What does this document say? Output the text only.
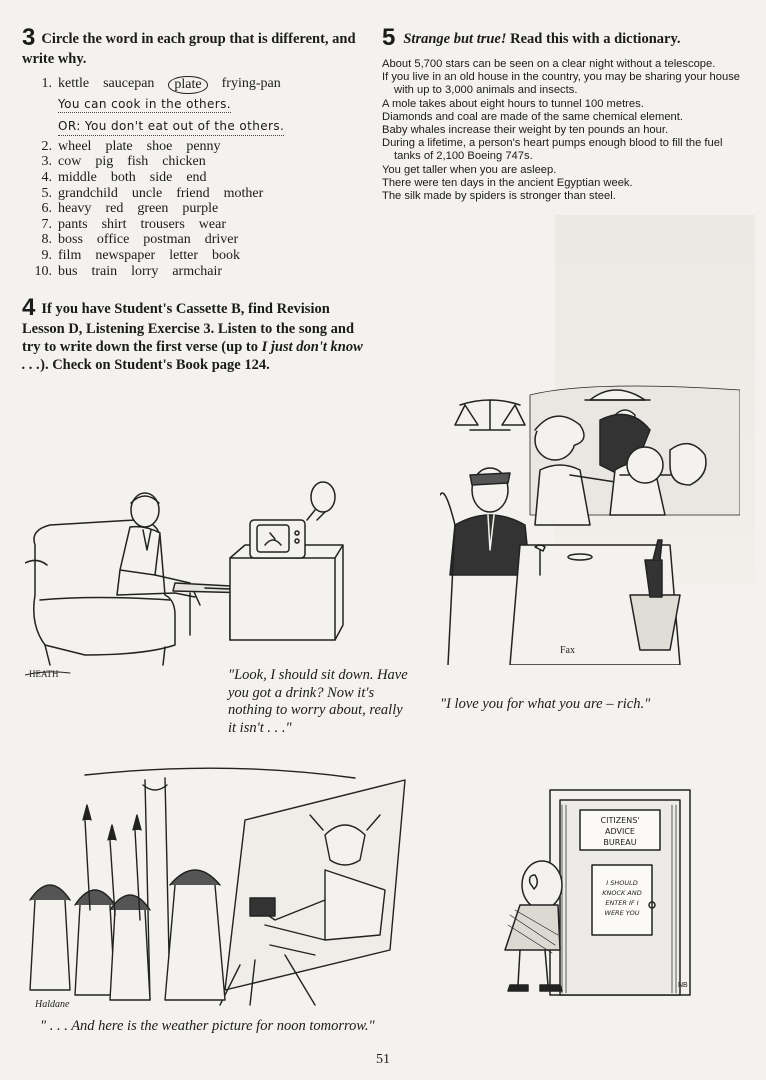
3 Circle the word in each group that is different, and write why.
1. kettle saucepan	plate	frying-pan
You can cook in the others.
OR: You don't eat out of the others.
2. wheel plate shoe penny
3. cow pig fish chicken
4. middle both side end
5. grandchild uncle friend mother
6. heavy red green purple
7. pants shirt trousers wear
8. boss office postman driver
9. film newspaper letter book
10. bus train lorry armchair
4 If you have Student's Cassette B, find Revision Lesson D, Listening Exercise 3. Listen to the song and try to write down the first verse (up to I just don't know . . .). Check on Student's Book page 124.
5 Strange but true! Read this with a dictionary.
About 5,700 stars can be seen on a clear night without a telescope.
If you live in an old house in the country, you may be sharing your house with up to 3,000 animals and insects.
A mole takes about eight hours to tunnel 100 metres.
Diamonds and coal are made of the same chemical element.
Baby whales increase their weight by ten pounds an hour.
During a lifetime, a person's heart pumps enough blood to fill the fuel tanks of 2,100 Boeing 747s.
You get taller when you are asleep.
There were ten days in the ancient Egyptian week.
The silk made by spiders is stronger than steel.
HEATH	"Look, I should sit down. Have you got a drink? Now it's nothing to worry about, really it isn't . . ."
Fax
"I love you for what you are – rich."
Haldane
" . . . And here is the weather picture for noon tomorrow."
CITIZENS'
ADVICE
BUREAU
I SHOULD
KNOCK AND
ENTER IF I
WERE YOU
NB
51
